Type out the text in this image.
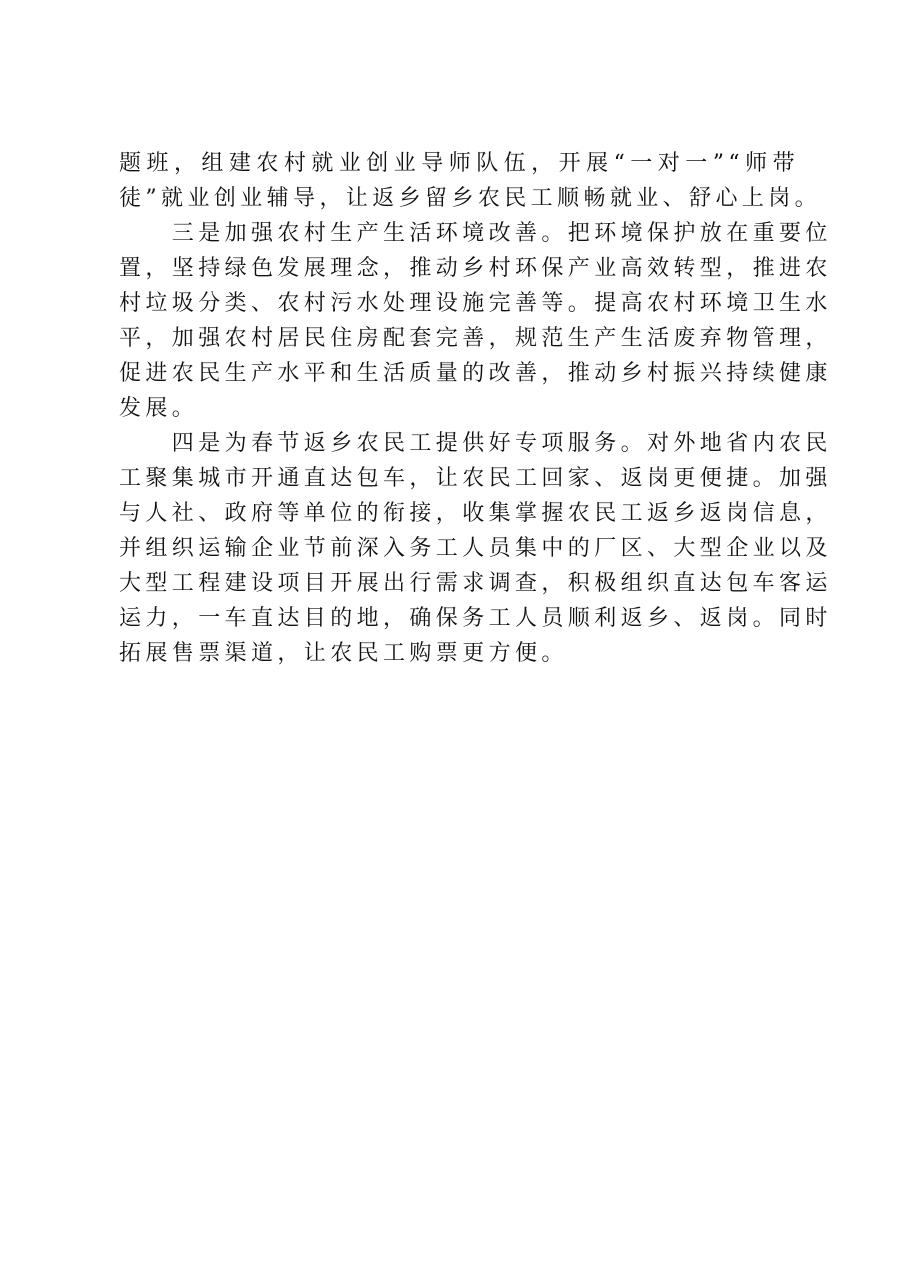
题班，组建农村就业创业导师队伍，开展“一对一”“师带
徒”就业创业辅导，让返乡留乡农民工顺畅就业、舒心上岗。
　　三是加强农村生产生活环境改善。把环境保护放在重要位
置，坚持绿色发展理念，推动乡村环保产业高效转型，推进农
村垃圾分类、农村污水处理设施完善等。提高农村环境卫生水
平，加强农村居民住房配套完善，规范生产生活废弃物管理，
促进农民生产水平和生活质量的改善，推动乡村振兴持续健康
发展。
　　四是为春节返乡农民工提供好专项服务。对外地省内农民
工聚集城市开通直达包车，让农民工回家、返岗更便捷。加强
与人社、政府等单位的衔接，收集掌握农民工返乡返岗信息，
并组织运输企业节前深入务工人员集中的厂区、大型企业以及
大型工程建设项目开展出行需求调查，积极组织直达包车客运
运力，一车直达目的地，确保务工人员顺利返乡、返岗。同时
拓展售票渠道，让农民工购票更方便。
